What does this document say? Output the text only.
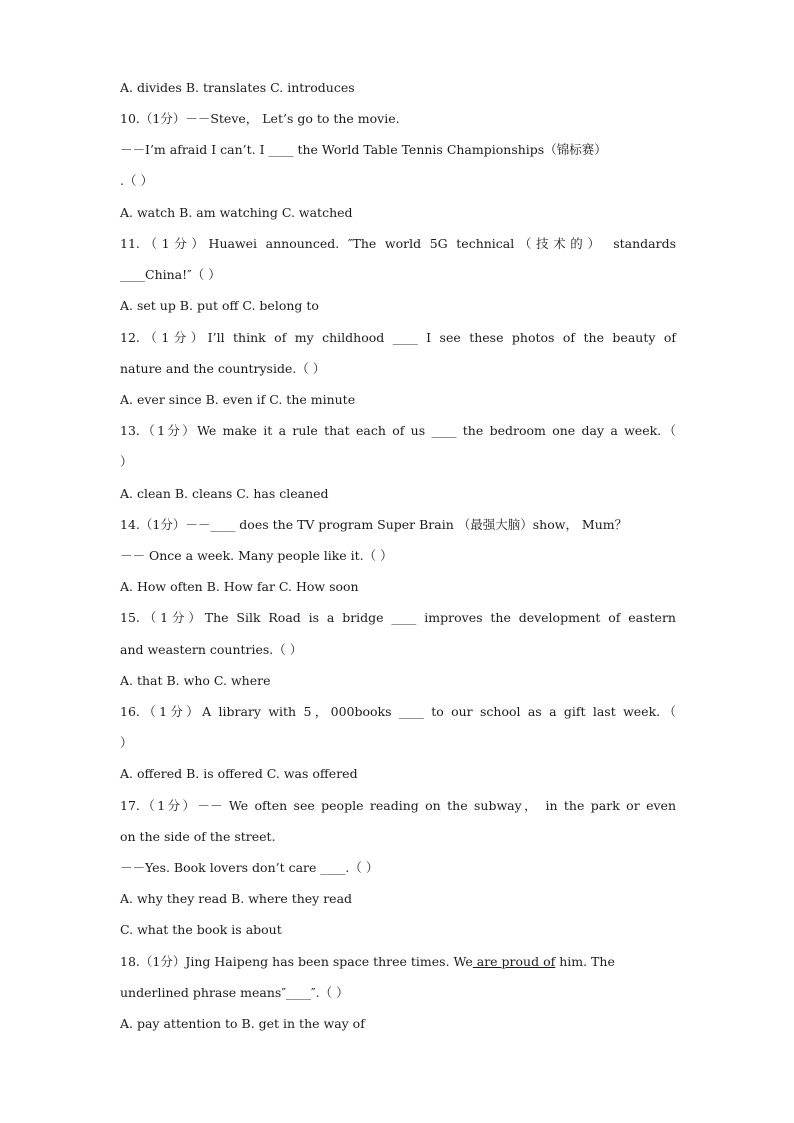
A. divides B. translates C. introduces
10.（1分）－－Steve， Let’s go to the movie.
－－I’m afraid I can’t. I ____ the World Table Tennis Championships（锦标赛）
.（ ）
A. watch B. am watching C. watched
11.（1分）Huawei announced. ″The world 5G technical（技术的） standards
____China!″（ ）
A. set up B. put off C. belong to
12.（1分）I’ll think of my childhood ____ I see these photos of the beauty of
nature and the countryside.（ ）
A. ever since B. even if C. the minute
13.（1分）We make it a rule that each of us ____ the bedroom one day a week.（
）
A. clean B. cleans C. has cleaned
14.（1分）－－____ does the TV program Super Brain （最强大脑）show， Mum？
－－ Once a week. Many people like it.（ ）
A. How often B. How far C. How soon
15.（1分）The Silk Road is a bridge ____ improves the development of eastern
and weastern countries.（ ）
A. that B. who C. where
16.（1分）A library with 5，000books ____ to our school as a gift last week.（
）
A. offered B. is offered C. was offered
17.（1分）－－ We often see people reading on the subway， in the park or even
on the side of the street.
－－Yes. Book lovers don’t care ____.（ ）
A. why they read B. where they read
C. what the book is about
18.（1分）Jing Haipeng has been space three times. We are proud of him. The
underlined phrase means″____″.（ ）
A. pay attention to B. get in the way of
